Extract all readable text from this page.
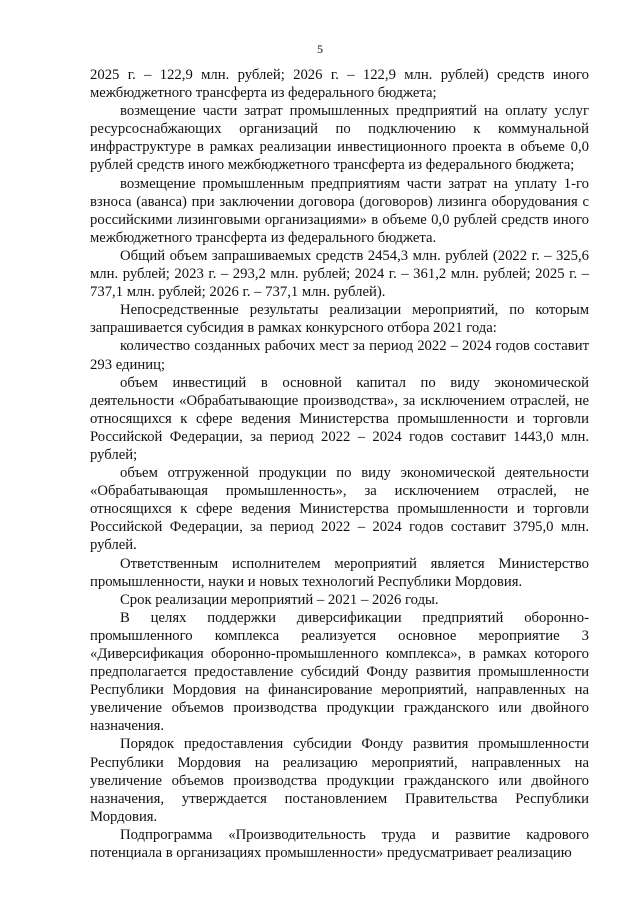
5

2025 г. – 122,9 млн. рублей; 2026 г. – 122,9 млн. рублей) средств иного межбюджетного трансферта из федерального бюджета;

возмещение части затрат промышленных предприятий на оплату услуг ресурсоснабжающих организаций по подключению к коммунальной инфраструктуре в рамках реализации инвестиционного проекта в объеме 0,0 рублей средств иного межбюджетного трансферта из федерального бюджета;

возмещение промышленным предприятиям части затрат на уплату 1-го взноса (аванса) при заключении договора (договоров) лизинга оборудования с российскими лизинговыми организациями» в объеме 0,0 рублей средств иного межбюджетного трансферта из федерального бюджета.

Общий объем запрашиваемых средств 2454,3 млн. рублей (2022 г. – 325,6 млн. рублей; 2023 г. – 293,2 млн. рублей; 2024 г. – 361,2 млн. рублей; 2025 г. – 737,1 млн. рублей; 2026 г. – 737,1 млн. рублей).

Непосредственные результаты реализации мероприятий, по которым запрашивается субсидия в рамках конкурсного отбора 2021 года:

количество созданных рабочих мест за период 2022 – 2024 годов составит 293 единиц;

объем инвестиций в основной капитал по виду экономической деятельности «Обрабатывающие производства», за исключением отраслей, не относящихся к сфере ведения Министерства промышленности и торговли Российской Федерации, за период 2022 – 2024 годов составит 1443,0 млн. рублей;

объем отгруженной продукции по виду экономической деятельности «Обрабатывающая промышленность», за исключением отраслей, не относящихся к сфере ведения Министерства промышленности и торговли Российской Федерации, за период 2022 – 2024 годов составит 3795,0 млн. рублей.

Ответственным исполнителем мероприятий является Министерство промышленности, науки и новых технологий Республики Мордовия.

Срок реализации мероприятий – 2021 – 2026 годы.

В целях поддержки диверсификации предприятий оборонно-промышленного комплекса реализуется основное мероприятие 3 «Диверсификация оборонно-промышленного комплекса», в рамках которого предполагается предоставление субсидий Фонду развития промышленности Республики Мордовия на финансирование мероприятий, направленных на увеличение объемов производства продукции гражданского или двойного назначения.

Порядок предоставления субсидии Фонду развития промышленности Республики Мордовия на реализацию мероприятий, направленных на увеличение объемов производства продукции гражданского или двойного назначения, утверждается постановлением Правительства Республики Мордовия.

Подпрограмма «Производительность труда и развитие кадрового потенциала в организациях промышленности» предусматривает реализацию
